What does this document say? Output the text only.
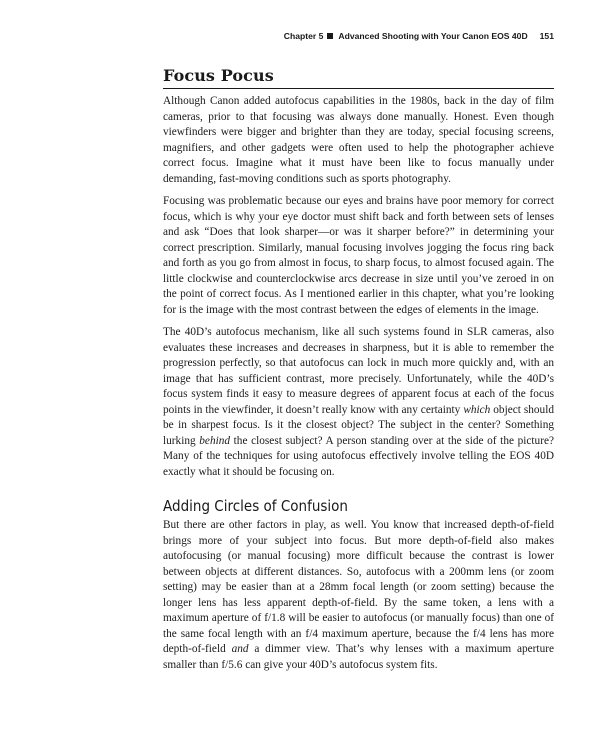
Chapter 5 Advanced Shooting with Your Canon EOS 40D 151
Focus Pocus

Although Canon added autofocus capabilities in the 1980s, back in the day of film cameras, prior to that focusing was always done manually. Honest. Even though viewfinders were bigger and brighter than they are today, special focusing screens, magnifiers, and other gadgets were often used to help the photographer achieve correct focus. Imagine what it must have been like to focus manually under demanding, fast-moving conditions such as sports photography.

Focusing was problematic because our eyes and brains have poor memory for correct focus, which is why your eye doctor must shift back and forth between sets of lenses and ask “Does that look sharper—or was it sharper before?” in determining your correct prescription. Similarly, manual focusing involves jogging the focus ring back and forth as you go from almost in focus, to sharp focus, to almost focused again. The little clockwise and counterclockwise arcs decrease in size until you’ve zeroed in on the point of correct focus. As I mentioned earlier in this chapter, what you’re looking for is the image with the most contrast between the edges of elements in the image.

The 40D’s autofocus mechanism, like all such systems found in SLR cameras, also evaluates these increases and decreases in sharpness, but it is able to remember the progression perfectly, so that autofocus can lock in much more quickly and, with an image that has sufficient contrast, more precisely. Unfortunately, while the 40D’s focus system finds it easy to measure degrees of apparent focus at each of the focus points in the viewfinder, it doesn’t really know with any certainty which object should be in sharpest focus. Is it the closest object? The subject in the center? Something lurking behind the closest subject? A person standing over at the side of the picture? Many of the techniques for using autofocus effectively involve telling the EOS 40D exactly what it should be focusing on.

Adding Circles of Confusion

But there are other factors in play, as well. You know that increased depth-of-field brings more of your subject into focus. But more depth-of-field also makes autofocusing (or manual focusing) more difficult because the contrast is lower between objects at different distances. So, autofocus with a 200mm lens (or zoom setting) may be easier than at a 28mm focal length (or zoom setting) because the longer lens has less apparent depth-of-field. By the same token, a lens with a maximum aperture of f/1.8 will be easier to autofocus (or manually focus) than one of the same focal length with an f/4 maximum aperture, because the f/4 lens has more depth-of-field and a dimmer view. That’s why lenses with a maximum aperture smaller than f/5.6 can give your 40D’s autofocus system fits.
